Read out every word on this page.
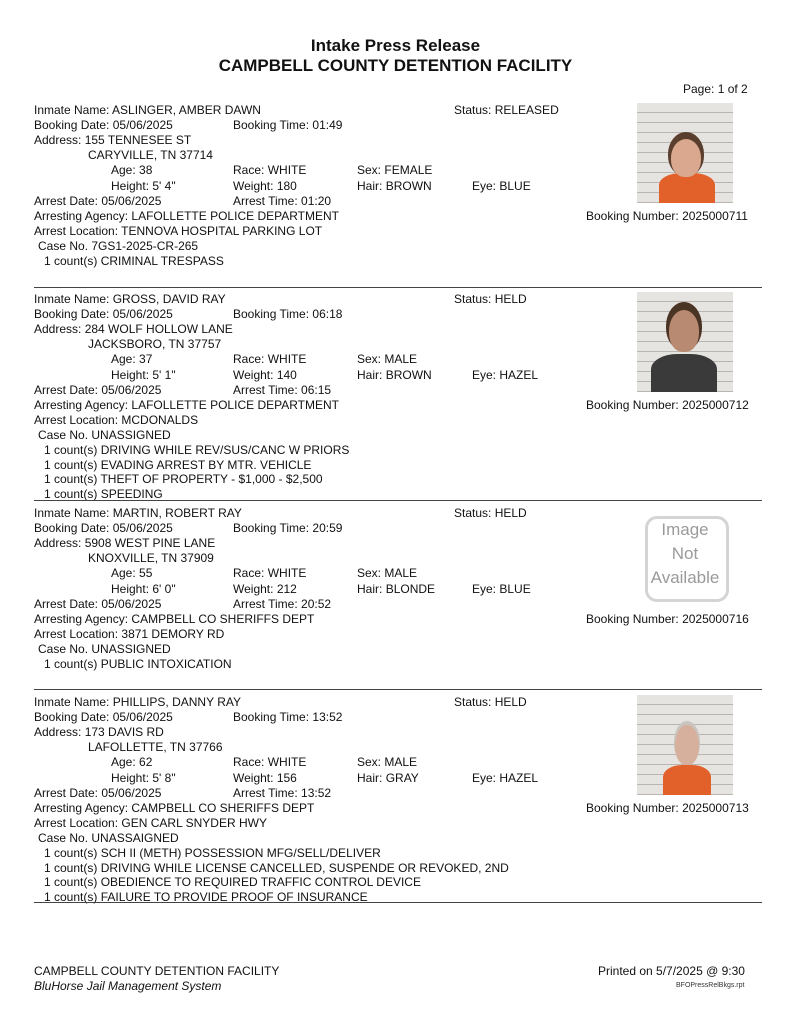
Intake Press Release
CAMPBELL COUNTY DETENTION FACILITY
Page: 1 of 2
Inmate Name: ASLINGER, AMBER DAWN	Status: RELEASED
Booking Date: 05/06/2025	Booking Time: 01:49
Address: 155 TENNESEE ST
CARYVILLE, TN 37714
Age: 38	Race: WHITE	Sex: FEMALE
Height: 5' 4"	Weight: 180	Hair: BROWN	Eye: BLUE
Arrest Date: 05/06/2025	Arrest Time: 01:20
Arresting Agency: LAFOLLETTE POLICE DEPARTMENT	Booking Number: 2025000711
Arrest Location: TENNOVA HOSPITAL PARKING LOT
Case No. 7GS1-2025-CR-265
1 count(s) CRIMINAL TRESPASS
Inmate Name: GROSS, DAVID RAY	Status: HELD
Booking Date: 05/06/2025	Booking Time: 06:18
Address: 284 WOLF HOLLOW LANE
JACKSBORO, TN 37757
Age: 37	Race: WHITE	Sex: MALE
Height: 5' 1"	Weight: 140	Hair: BROWN	Eye: HAZEL
Arrest Date: 05/06/2025	Arrest Time: 06:15
Arresting Agency: LAFOLLETTE POLICE DEPARTMENT	Booking Number: 2025000712
Arrest Location: MCDONALDS
Case No. UNASSIGNED
1 count(s) DRIVING WHILE REV/SUS/CANC W PRIORS
1 count(s) EVADING ARREST BY MTR. VEHICLE
1 count(s) THEFT OF PROPERTY - $1,000 - $2,500
1 count(s) SPEEDING
Inmate Name: MARTIN, ROBERT RAY	Status: HELD
Booking Date: 05/06/2025	Booking Time: 20:59
Address: 5908 WEST PINE LANE
KNOXVILLE, TN 37909
Age: 55	Race: WHITE	Sex: MALE
Height: 6' 0"	Weight: 212	Hair: BLONDE	Eye: BLUE
Arrest Date: 05/06/2025	Arrest Time: 20:52
Arresting Agency: CAMPBELL CO SHERIFFS DEPT	Booking Number: 2025000716
Arrest Location: 3871 DEMORY RD
Case No. UNASSIGNED
1 count(s) PUBLIC INTOXICATION
Image
Not
Available
Inmate Name: PHILLIPS, DANNY RAY	Status: HELD
Booking Date: 05/06/2025	Booking Time: 13:52
Address: 173 DAVIS RD
LAFOLLETTE, TN 37766
Age: 62	Race: WHITE	Sex: MALE
Height: 5' 8"	Weight: 156	Hair: GRAY	Eye: HAZEL
Arrest Date: 05/06/2025	Arrest Time: 13:52
Arresting Agency: CAMPBELL CO SHERIFFS DEPT	Booking Number: 2025000713
Arrest Location: GEN CARL SNYDER HWY
Case No. UNASSAIGNED
1 count(s) SCH II (METH) POSSESSION MFG/SELL/DELIVER
1 count(s) DRIVING WHILE LICENSE CANCELLED, SUSPENDE OR REVOKED, 2ND
1 count(s) OBEDIENCE TO REQUIRED TRAFFIC CONTROL DEVICE
1 count(s) FAILURE TO PROVIDE PROOF OF INSURANCE
CAMPBELL COUNTY DETENTION FACILITY
BluHorse Jail Management System
Printed on 5/7/2025 @ 9:30
BFOPressRelBkgs.rpt
